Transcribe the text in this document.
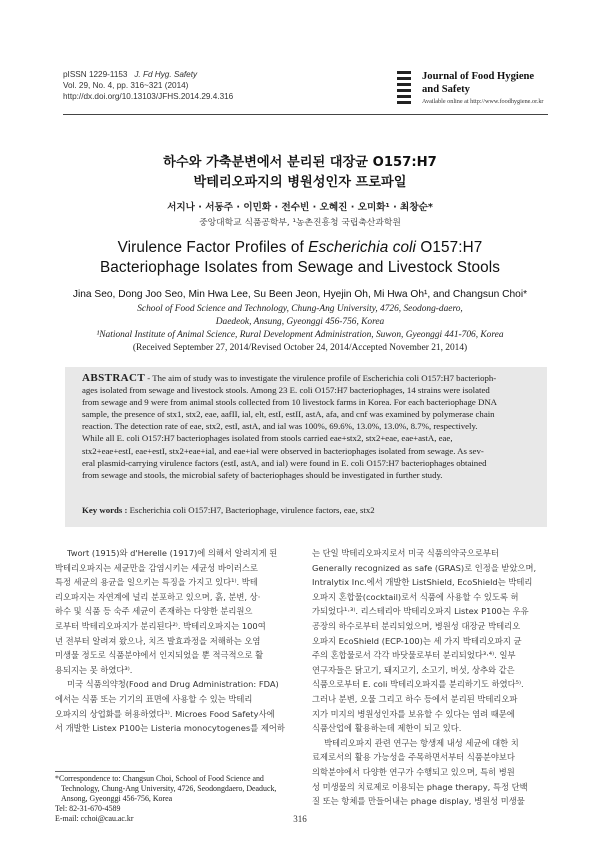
pISSN 1229-1153 J. Fd Hyg. Safety
Vol. 29, No. 4, pp. 316~321 (2014)
http://dx.doi.org/10.13103/JFHS.2014.29.4.316
Journal of Food Hygiene
and Safety
Available online at http://www.foodhygiene.or.kr
하수와 가축분변에서 분리된 대장균 O157:H7
박테리오파지의 병원성인자 프로파일
서지나 · 서동주 · 이민화 · 전수빈 · 오혜진 · 오미화¹ · 최창순*
중앙대학교 식품공학부, ¹농촌진흥청 국립축산과학원
Virulence Factor Profiles of Escherichia coli O157:H7
Bacteriophage Isolates from Sewage and Livestock Stools
Jina Seo, Dong Joo Seo, Min Hwa Lee, Su Been Jeon, Hyejin Oh, Mi Hwa Oh¹, and Changsun Choi*
School of Food Science and Technology, Chung-Ang University, 4726, Seodong-daero,
Daedeok, Ansung, Gyeonggi 456-756, Korea
¹National Institute of Animal Science, Rural Development Administration, Suwon, Gyeonggi 441-706, Korea
(Received September 27, 2014/Revised October 24, 2014/Accepted November 21, 2014)
ABSTRACT - The aim of study was to investigate the virulence profile of Escherichia coli O157:H7 bacterioph-
ages isolated from sewage and livestock stools. Among 23 E. coli O157:H7 bacteriophages, 14 strains were isolated
from sewage and 9 were from animal stools collected from 10 livestock farms in Korea. For each bacteriophage DNA
sample, the presence of stx1, stx2, eae, aafII, ial, elt, estI, estII, astA, afa, and cnf was examined by polymerase chain
reaction. The detection rate of eae, stx2, estI, astA, and ial was 100%, 69.6%, 13.0%, 13.0%, 8.7%, respectively.
While all E. coli O157:H7 bacteriophages isolated from stools carried eae+stx2, stx2+eae, eae+astA, eae,
stx2+eae+estI, eae+estI, stx2+eae+ial, and eae+ial were observed in bacteriophages isolated from sewage. As sev-
eral plasmid-carrying virulence factors (estI, astA, and ial) were found in E. coli O157:H7 bacteriophages obtained
from sewage and stools, the microbial safety of bacteriophages should be investigated in further study.
Key words : Escherichia coli O157:H7, Bacteriophage, virulence factors, eae, stx2
Twort (1915)와 d'Herelle (1917)에 의해서 알려지게 된
박테리오파지는 세균만을 감염시키는 세균성 바이러스로
특정 세균의 용균을 일으키는 특징을 가지고 있다¹⁾. 박테
리오파지는 자연계에 널리 분포하고 있으며, 흙, 분변, 상·
하수 및 식품 등 숙주 세균이 존재하는 다양한 분리원으
로부터 박테리오파지가 분리된다²⁾. 박테리오파지는 100여
년 전부터 알려져 왔으나, 치즈 발효과정을 저해하는 오염
미생물 정도로 식품분야에서 인지되었을 뿐 적극적으로 활
용되지는 못 하였다³⁾.
미국 식품의약청(Food and Drug Administration: FDA)
에서는 식품 또는 기기의 표면에 사용할 수 있는 박테리
오파지의 상업화를 허용하였다¹⁾. Microes Food Safety사에
서 개발한 Listex P100는 Listeria monocytogenes를 제어하
는 단일 박테리오파지로서 미국 식품의약국으로부터
Generally recognized as safe (GRAS)로 인정을 받았으며,
Intralytix Inc.에서 개발한 ListShield, EcoShield는 박테리
오파지 혼합물(cocktail)로서 식품에 사용할 수 있도록 허
가되었다¹·³⁾. 리스테리아 박테리오파지 Listex P100는 우유
공장의 하수로부터 분리되었으며, 병원성 대장균 박테리오
오파지 EcoShield (ECP-100)는 세 가지 박테리오파지 균
주의 혼합물로서 각각 바닷물로부터 분리되었다³·⁴⁾. 일부
연구자들은 닭고기, 돼지고기, 소고기, 버섯, 상추와 같은
식품으로부터 E. coli 박테리오파지를 분리하기도 하였다⁵⁾.
그러나 분변, 오물 그리고 하수 등에서 분리된 박테리오파
지가 미지의 병원성인자를 보유할 수 있다는 염려 때문에
식품산업에 활용하는데 제한이 되고 있다.
박테리오파지 관련 연구는 항생제 내성 세균에 대한 치
료제로서의 활용 가능성을 주목하면서부터 식품분야보다
의학분야에서 다양한 연구가 수행되고 있으며, 특히 병원
성 미생물의 치료제로 이용되는 phage therapy, 특정 단백
질 또는 항체를 만들어내는 phage display, 병원성 미생물
*Correspondence to: Changsun Choi, School of Food Science and
Technology, Chung-Ang University, 4726, Seodongdaero, Deaduck,
Ansong, Gyeonggi 456-756, Korea
Tel: 82-31-670-4589
E-mail: cchoi@cau.ac.kr	316
